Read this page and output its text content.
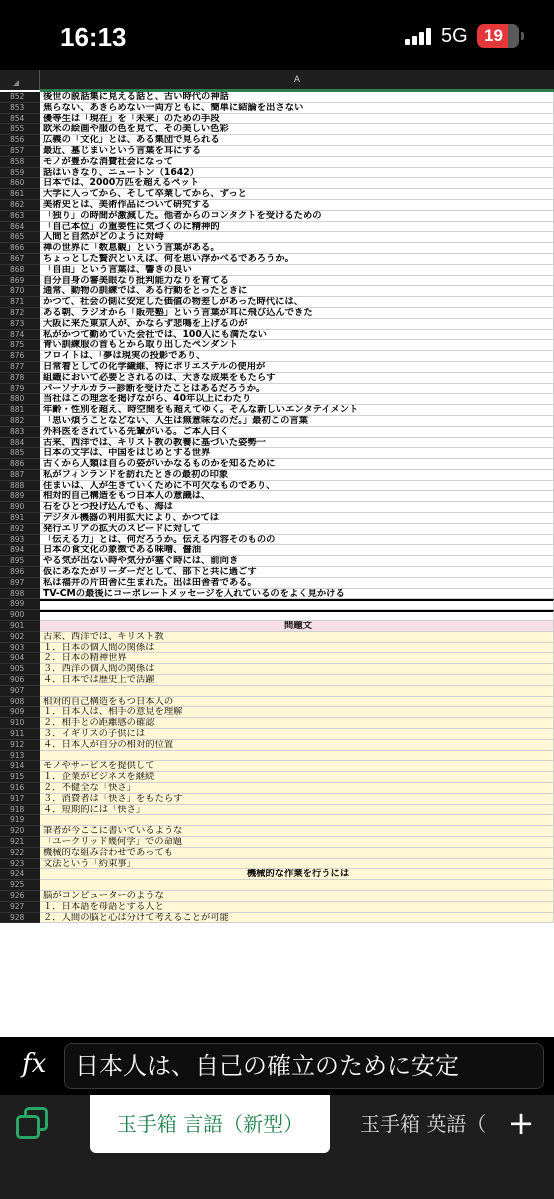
16:13	5G 19
A
852	後世の説話集に見える話と、古い時代の神話
853	焦らない、あきらめない一両方ともに、簡単に結論を出さない
854	優等生は「現在」を「未来」のための手段
855	欧米の絵画や服の色を見て、その美しい色彩
856	広義の「文化」とは、ある集団で見られる
857	最近、墓じまいという言葉を耳にする
858	モノが豊かな消費社会になって
859	話はいきなり、ニュートン（1642）
860	日本では、2000万匹を超えるペット
861	大学に入ってから、そして卒業してから、ずっと
862	美術史とは、美術作品について研究する
863	「独り」の時間が激減した。他者からのコンタクトを受けるための
864	「自己本位」の重要性に気づくのに精神的
865	人間と自然がどのように対峙
866	禅の世界に「数息観」という言葉がある。
867	ちょっとした贅沢といえば、何を思い浮かべるであろうか。
868	「自由」という言葉は、響きの良い
869	自分自身の審美眼なり批判能力なりを育てる
870	通常、動物の訓練では、ある行動をとったときに
871	かつて、社会の側に安定した価値の物差しがあった時代には、
872	ある朝、ラジオから「販売塾」という言葉が耳に飛び込んできた
873	大阪に来た東京人が、かならず悲鳴を上げるのが
874	私がかつて勤めていた会社では、100人にも満たない
875	青い訓練服の首もとから取り出したペンダント
876	フロイトは、「夢は現実の投影であり、
877	日常着としての化学繊維、特にポリエステルの使用が
878	組織において必要とされるのは、大きな成果をもたらす
879	パーソナルカラー診断を受けたことはあるだろうか。
880	当社はこの理念を掲げながら、40年以上にわたり
881	年齢・性別を超え、時空間をも超えてゆく。そんな新しいエンタテイメント
882	「思い煩うことなどない、人生は無意味なのだ。」最初この言葉
883	外科医をされている先輩がいる。ご本人曰く
884	古来、西洋では、キリスト教の教養に基づいた姿勢一
885	日本の文字は、中国をはじめとする世界
886	古くから人類は自らの姿がいかなるものかを知るために
887	私がフィンランドを訪れたときの最初の印象
888	住まいは、人が生きていくために不可欠なものであり、
889	相対的自己構造をもつ日本人の意識は、
890	石をひとつ投げ込んでも、海は
891	デジタル機器の利用拡大により、かつては
892	発行エリアの拡大のスピードに対して
893	「伝える力」とは、何だろうか。伝える内容そのものの
894	日本の食文化の象徴である味噌、醤油
895	やる気が出ない時や気分が塞ぐ時には、前向き
896	仮にあなたがリーダーだとして、部下と共に過ごす
897	私は福井の片田舎に生まれた。出は田舎者である。
898	TV-CMの最後にコーポレートメッセージを入れているのをよく見かける
899
900
901	問題文
902	古来、西洋では、キリスト教
903	１．日本の個人間の関係は
904	２．日本の精神世界
905	３．西洋の個人間の関係は
906	４．日本では歴史上で活躍
907
908	相対的自己構造をもつ日本人の
909	１．日本人は、相手の意見を理解
910	２．相手との距離感の確認
911	３．イギリスの子供には
912	４．日本人が自分の相対的位置
913
914	モノやサービスを提供して
915	１．企業がビジネスを継続
916	２．不健全な「快さ」
917	３．消費者は「快さ」をもたらす
918	４．短期的には「快さ」
919
920	筆者が今ここに書いているような
921	「ユークリッド幾何学」での命題
922	機械的な組み合わせであっても
923	文法という「約束事」
924	機械的な作業を行うには
925
926	脳がコンピューターのような
927	１．日本語を母語とする人と
928	２．人間の脳と心は分けて考えることが可能
fx	日本人は、自己の確立のために安定
玉手箱 言語（新型）	玉手箱 英語（ +
